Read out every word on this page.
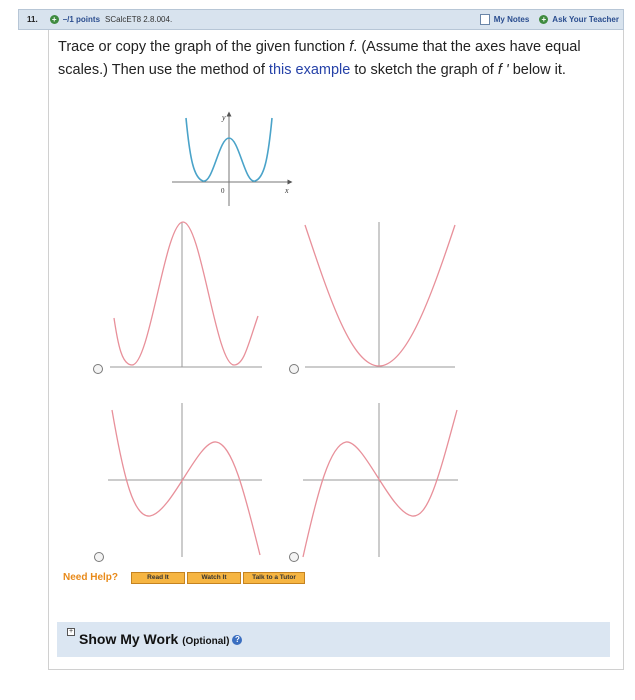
11. + –/1 points SCalcET8 2.8.004.	My Notes + Ask Your Teacher
Trace or copy the graph of the given function f. (Assume that the axes have equal scales.) Then use the method of this example to sketch the graph of f ' below it.
y
x
0
Need Help?	Read It	Watch It	Talk to a Tutor
+ Show My Work (Optional) ?
